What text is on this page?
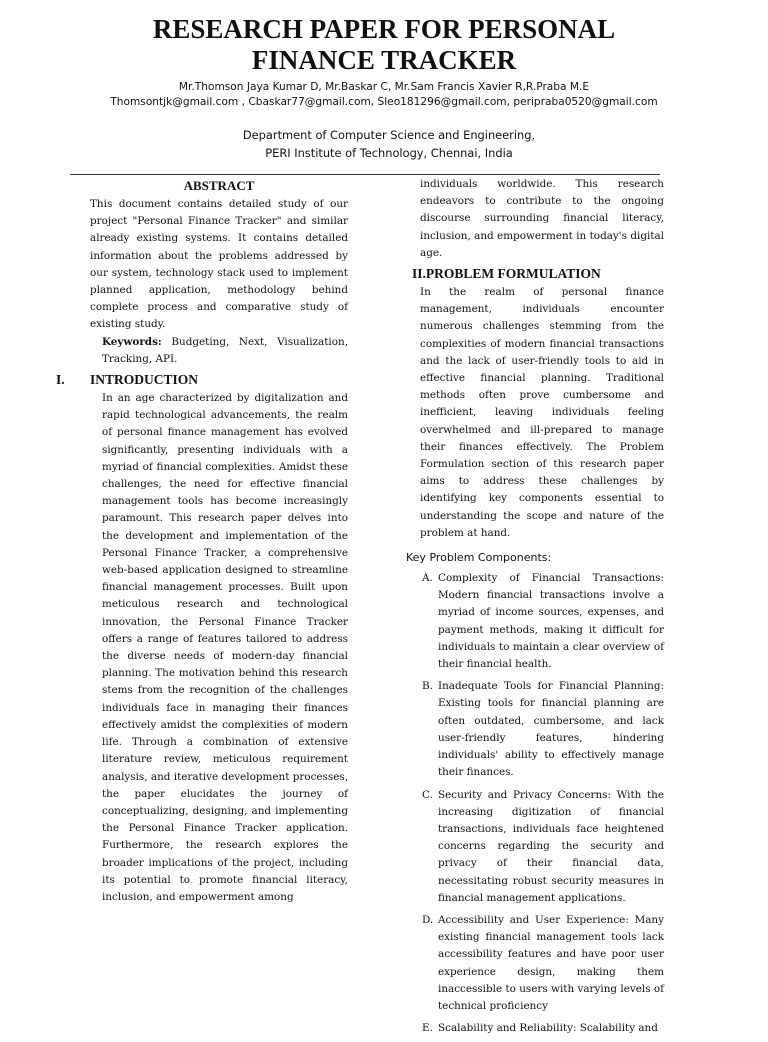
RESEARCH PAPER FOR PERSONAL
FINANCE TRACKER
Mr.Thomson Jaya Kumar D, Mr.Baskar C, Mr.Sam Francis Xavier R,R.Praba M.E
Thomsontjk@gmail.com , Cbaskar77@gmail.com, Sleo181296@gmail.com, peripraba0520@gmail.com
Department of Computer Science and Engineering,
PERI Institute of Technology, Chennai, India
ABSTRACT

This document contains detailed study of our project "Personal Finance Tracker" and similar already existing systems. It contains detailed information about the problems addressed by our system, technology stack used to implement planned application, methodology behind complete process and comparative study of existing study.

Keywords: Budgeting, Next, Visualization, Tracking, API.

I. INTRODUCTION

In an age characterized by digitalization and rapid technological advancements, the realm of personal finance management has evolved significantly, presenting individuals with a myriad of financial complexities. Amidst these challenges, the need for effective financial management tools has become increasingly paramount. This research paper delves into the development and implementation of the Personal Finance Tracker, a comprehensive web-based application designed to streamline financial management processes. Built upon meticulous research and technological innovation, the Personal Finance Tracker offers a range of features tailored to address the diverse needs of modern-day financial planning. The motivation behind this research stems from the recognition of the challenges individuals face in managing their finances effectively amidst the complexities of modern life. Through a combination of extensive literature review, meticulous requirement analysis, and iterative development processes, the paper elucidates the journey of conceptualizing, designing, and implementing the Personal Finance Tracker application. Furthermore, the research explores the broader implications of the project, including its potential to promote financial literacy, inclusion, and empowerment among

individuals worldwide. This research endeavors to contribute to the ongoing discourse surrounding financial literacy, inclusion, and empowerment in today's digital age.

II.PROBLEM FORMULATION

In the realm of personal finance management, individuals encounter numerous challenges stemming from the complexities of modern financial transactions and the lack of user-friendly tools to aid in effective financial planning. Traditional methods often prove cumbersome and inefficient, leaving individuals feeling overwhelmed and ill-prepared to manage their finances effectively. The Problem Formulation section of this research paper aims to address these challenges by identifying key components essential to understanding the scope and nature of the problem at hand.

Key Problem Components:
A. Complexity of Financial Transactions: Modern financial transactions involve a myriad of income sources, expenses, and payment methods, making it difficult for individuals to maintain a clear overview of their financial health.
B. Inadequate Tools for Financial Planning: Existing tools for financial planning are often outdated, cumbersome, and lack user-friendly features, hindering individuals' ability to effectively manage their finances.
C. Security and Privacy Concerns: With the increasing digitization of financial transactions, individuals face heightened concerns regarding the security and privacy of their financial data, necessitating robust security measures in financial management applications.
D. Accessibility and User Experience: Many existing financial management tools lack accessibility features and have poor user experience design, making them inaccessible to users with varying levels of technical proficiency
E. Scalability and Reliability: Scalability and
